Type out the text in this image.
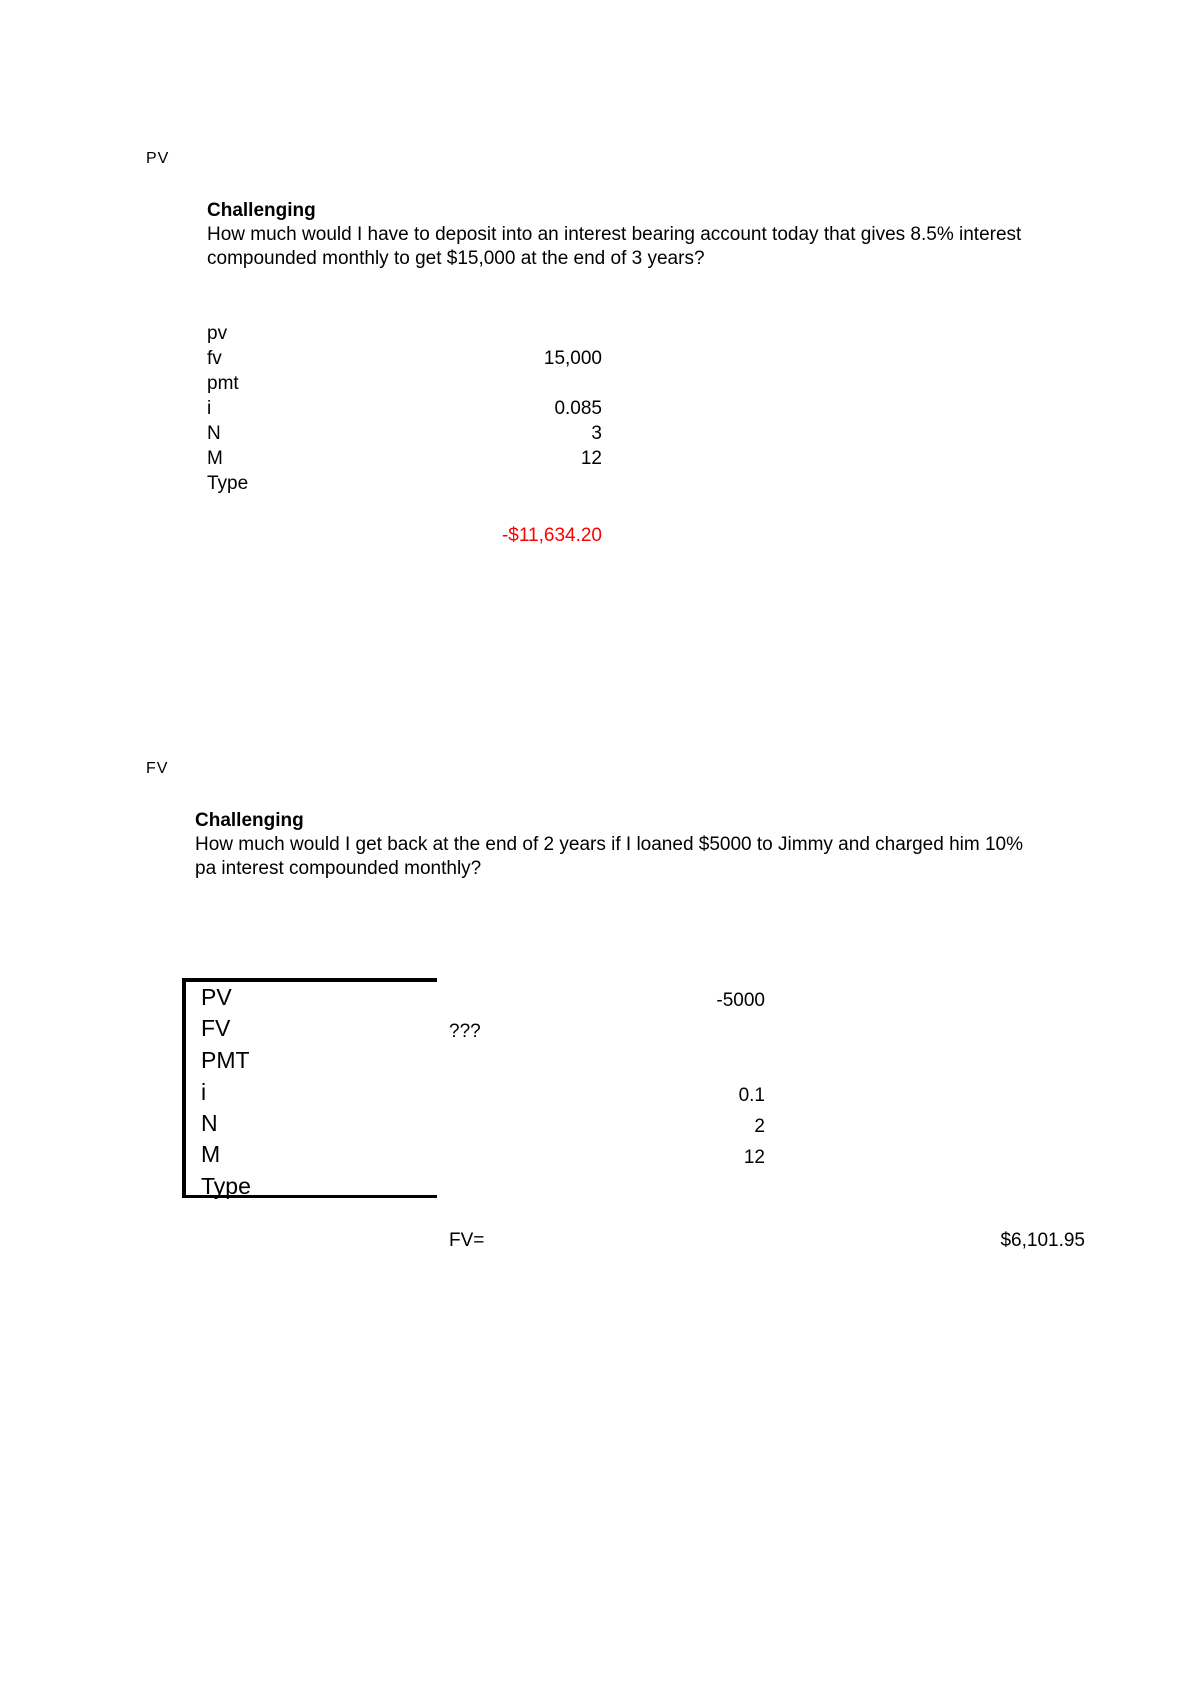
PV
Challenging
How much would I have to deposit into an interest bearing account today that gives 8.5% interest
compounded monthly to get $15,000 at the end of 3 years?
pv
fv	15,000
pmt
i	0.085
N	3
M	12
Type
-$11,634.20
FV
Challenging
How much would I get back at the end of 2 years if I loaned $5000 to Jimmy and charged him 10%
pa interest compounded monthly?
PV	-5000
FV	???
PMT
i	0.1
N	2
M	12
Type
FV=	$6,101.95
